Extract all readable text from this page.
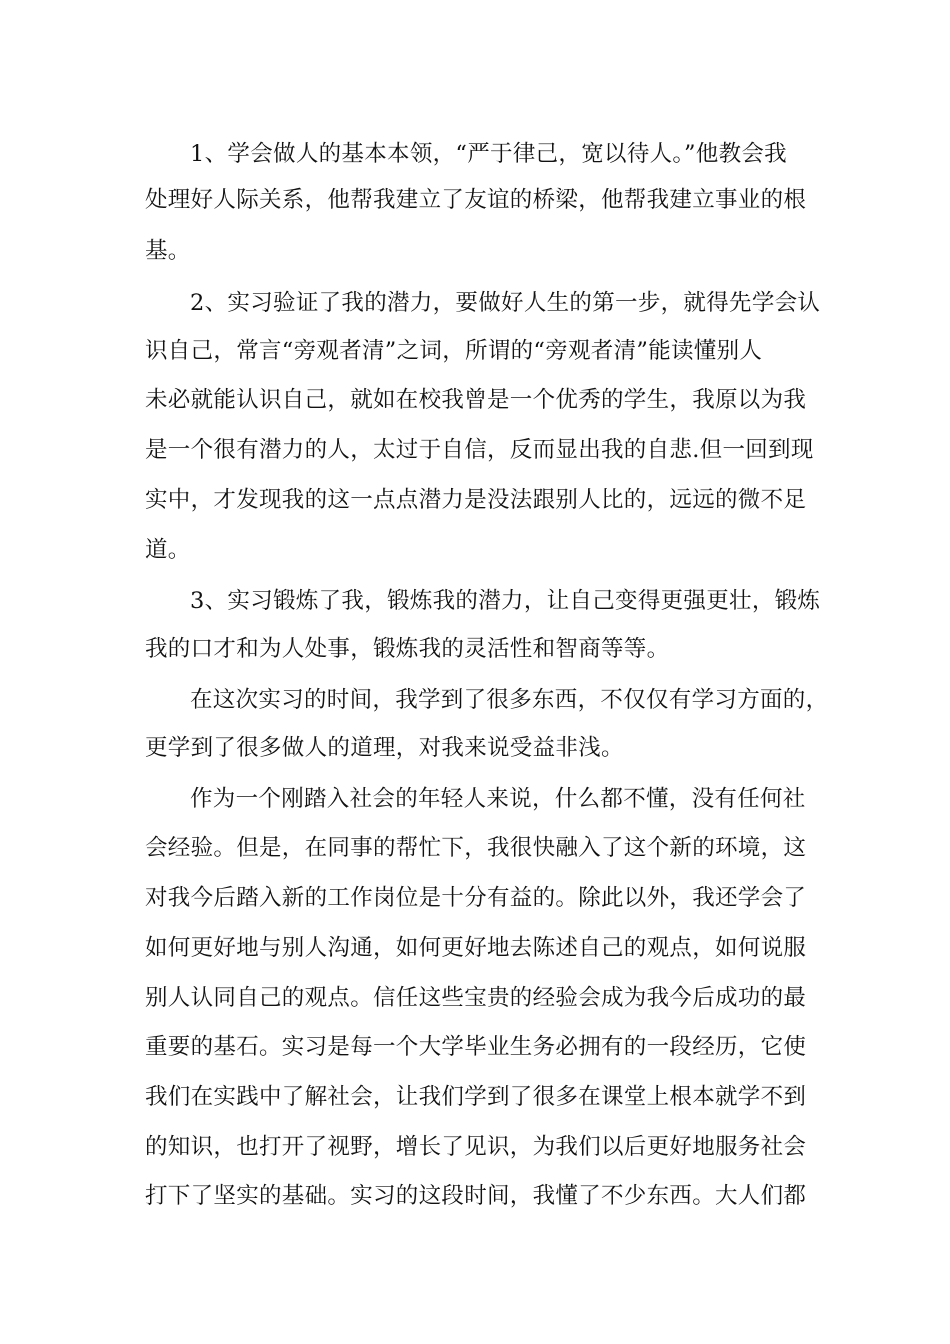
1、学会做人的基本本领，“严于律己，宽以待人。”他教会我
处理好人际关系，他帮我建立了友谊的桥梁，他帮我建立事业的根
基。
2、实习验证了我的潜力，要做好人生的第一步，就得先学会认
识自己，常言“旁观者清”之词，所谓的“旁观者清”能读懂别人
未必就能认识自己，就如在校我曾是一个优秀的学生，我原以为我
是一个很有潜力的人，太过于自信，反而显出我的自悲.但一回到现
实中，才发现我的这一点点潜力是没法跟别人比的，远远的微不足
道。
3、实习锻炼了我，锻炼我的潜力，让自己变得更强更壮，锻炼
我的口才和为人处事，锻炼我的灵活性和智商等等。
在这次实习的时间，我学到了很多东西，不仅仅有学习方面的，
更学到了很多做人的道理，对我来说受益非浅。
作为一个刚踏入社会的年轻人来说，什么都不懂，没有任何社
会经验。但是，在同事的帮忙下，我很快融入了这个新的环境，这
对我今后踏入新的工作岗位是十分有益的。除此以外，我还学会了
如何更好地与别人沟通，如何更好地去陈述自己的观点，如何说服
别人认同自己的观点。信任这些宝贵的经验会成为我今后成功的最
重要的基石。实习是每一个大学毕业生务必拥有的一段经历，它使
我们在实践中了解社会，让我们学到了很多在课堂上根本就学不到
的知识，也打开了视野，增长了见识，为我们以后更好地服务社会
打下了坚实的基础。实习的这段时间，我懂了不少东西。大人们都
